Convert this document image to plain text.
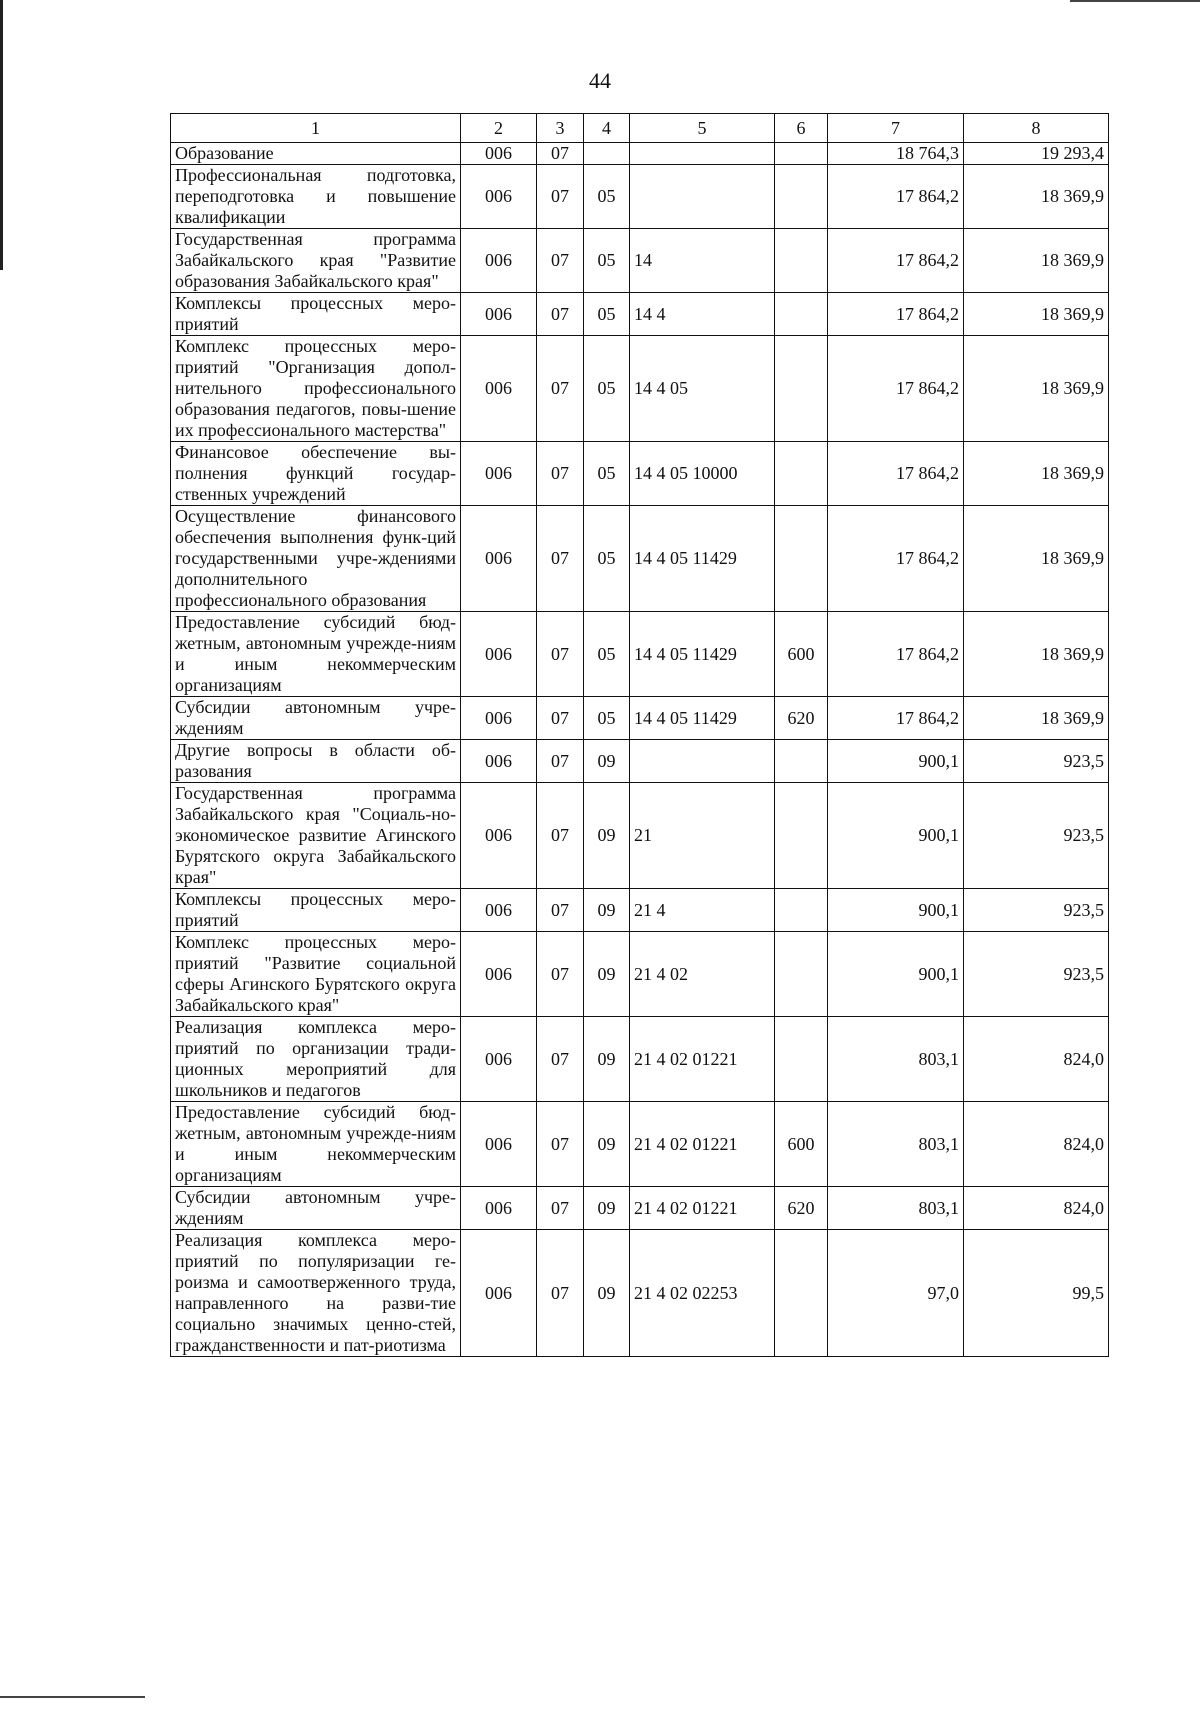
44
1	2	3	4	5	6	7	8
Образование	006	07				18 764,3	19 293,4
Профессиональная подготовка, переподготовка и повышение квалификации	006	07	05			17 864,2	18 369,9
Государственная программа Забайкальского края "Развитие образования Забайкальского края"	006	07	05	14		17 864,2	18 369,9
Комплексы процессных меро-приятий	006	07	05	14 4		17 864,2	18 369,9
Комплекс процессных меро-приятий "Организация допол-нительного профессионального образования педагогов, повы-шение их профессионального мастерства"	006	07	05	14 4 05		17 864,2	18 369,9
Финансовое обеспечение вы-полнения функций государ-ственных учреждений	006	07	05	14 4 05 10000		17 864,2	18 369,9
Осуществление финансового обеспечения выполнения функ-ций государственными учре-ждениями дополнительного профессионального образования	006	07	05	14 4 05 11429		17 864,2	18 369,9
Предоставление субсидий бюд-жетным, автономным учрежде-ниям и иным некоммерческим организациям	006	07	05	14 4 05 11429	600	17 864,2	18 369,9
Субсидии автономным учре-ждениям	006	07	05	14 4 05 11429	620	17 864,2	18 369,9
Другие вопросы в области об-разования	006	07	09			900,1	923,5
Государственная программа Забайкальского края "Социаль-но-экономическое развитие Агинского Бурятского округа Забайкальского края"	006	07	09	21		900,1	923,5
Комплексы процессных меро-приятий	006	07	09	21 4		900,1	923,5
Комплекс процессных меро-приятий "Развитие социальной сферы Агинского Бурятского округа Забайкальского края"	006	07	09	21 4 02		900,1	923,5
Реализация комплекса меро-приятий по организации тради-ционных мероприятий для школьников и педагогов	006	07	09	21 4 02 01221		803,1	824,0
Предоставление субсидий бюд-жетным, автономным учрежде-ниям и иным некоммерческим организациям	006	07	09	21 4 02 01221	600	803,1	824,0
Субсидии автономным учре-ждениям	006	07	09	21 4 02 01221	620	803,1	824,0
Реализация комплекса меро-приятий по популяризации ге-роизма и самоотверженного труда, направленного на разви-тие социально значимых ценно-стей, гражданственности и пат-риотизма	006	07	09	21 4 02 02253		97,0	99,5
